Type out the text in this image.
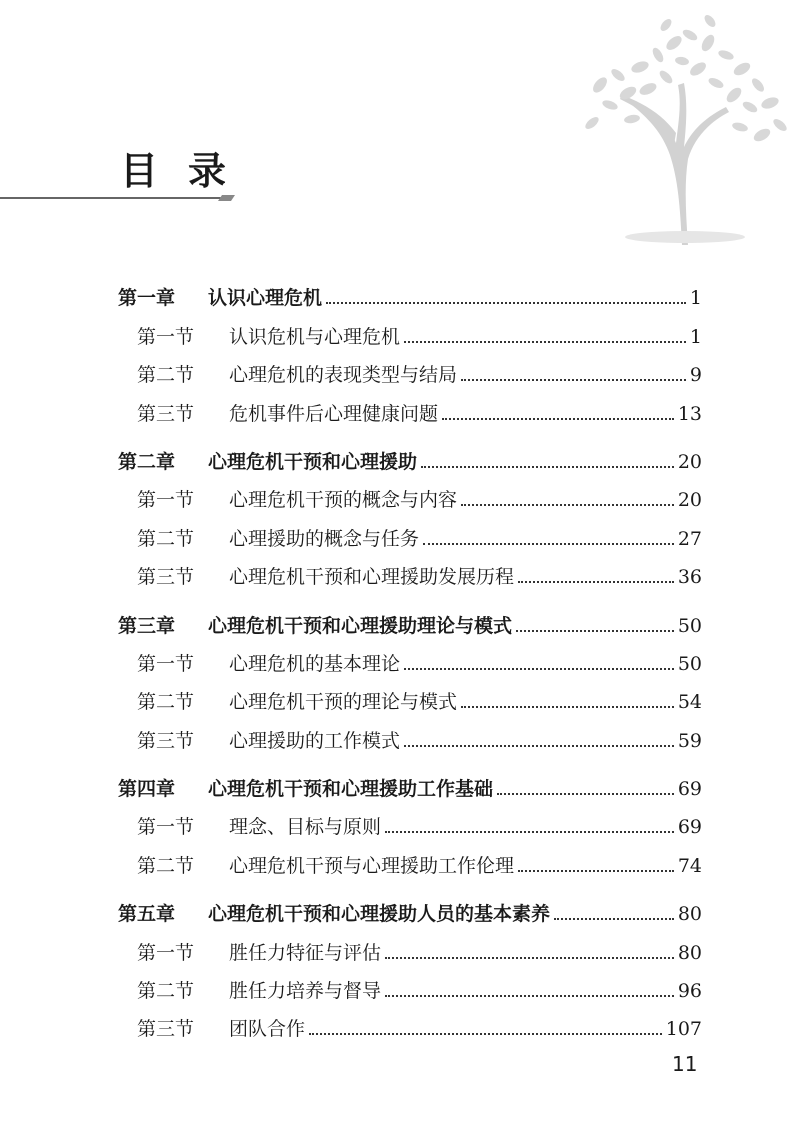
目录
第一章	认识心理危机	1
第一节	认识危机与心理危机	1
第二节	心理危机的表现类型与结局	9
第三节	危机事件后心理健康问题	13
第二章	心理危机干预和心理援助	20
第一节	心理危机干预的概念与内容	20
第二节	心理援助的概念与任务	27
第三节	心理危机干预和心理援助发展历程	36
第三章	心理危机干预和心理援助理论与模式	50
第一节	心理危机的基本理论	50
第二节	心理危机干预的理论与模式	54
第三节	心理援助的工作模式	59
第四章	心理危机干预和心理援助工作基础	69
第一节	理念、目标与原则	69
第二节	心理危机干预与心理援助工作伦理	74
第五章	心理危机干预和心理援助人员的基本素养	80
第一节	胜任力特征与评估	80
第二节	胜任力培养与督导	96
第三节	团队合作	107
11
